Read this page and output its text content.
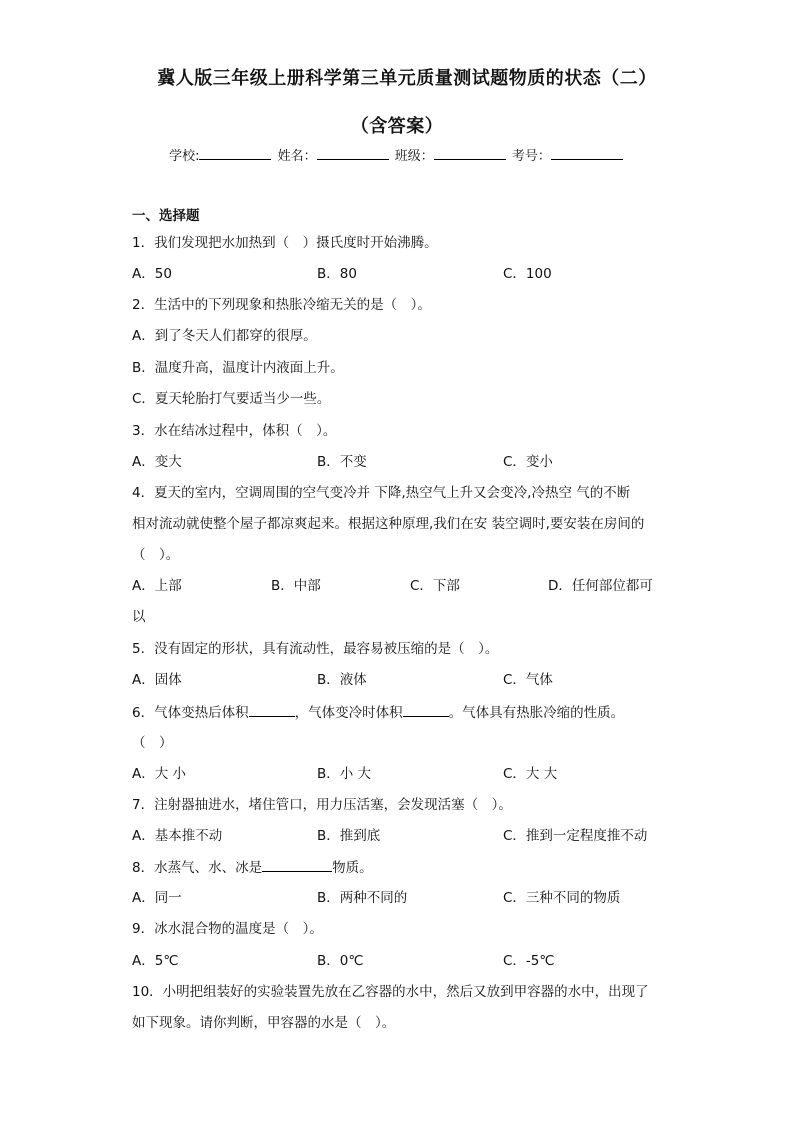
冀人版三年级上册科学第三单元质量测试题物质的状态（二）
（含答案）
学校:	姓名：	班级：	考号：
一、选择题
1．我们发现把水加热到（　）摄氏度时开始沸腾。
A．50	B．80	C．100
2．生活中的下列现象和热胀冷缩无关的是（　）。
A．到了冬天人们都穿的很厚。
B．温度升高，温度计内液面上升。
C．夏天轮胎打气要适当少一些。
3．水在结冰过程中，体积（　）。
A．变大	B．不变	C．变小
4．夏天的室内，空调周围的空气变冷并 下降,热空气上升又会变冷,冷热空 气的不断
相对流动就使整个屋子都凉爽起来。根据这种原理,我们在安 装空调时,要安装在房间的
（　）。
A．上部	B．中部	C．下部	D．任何部位都可
以
5．没有固定的形状，具有流动性，最容易被压缩的是（　）。
A．固体	B．液体	C．气体
6．气体变热后体积	，气体变冷时体积	。气体具有热胀冷缩的性质。
（　）
A．大 小	B．小 大	C．大 大
7．注射器抽进水，堵住管口，用力压活塞，会发现活塞（　）。
A．基本推不动	B．推到底	C．推到一定程度推不动
8．水蒸气、水、冰是	物质。
A．同一	B．两种不同的	C．三种不同的物质
9．冰水混合物的温度是（　）。
A．5℃	B．0℃	C．-5℃
10．小明把组装好的实验装置先放在乙容器的水中，然后又放到甲容器的水中，出现了
如下现象。请你判断，甲容器的水是（　）。
